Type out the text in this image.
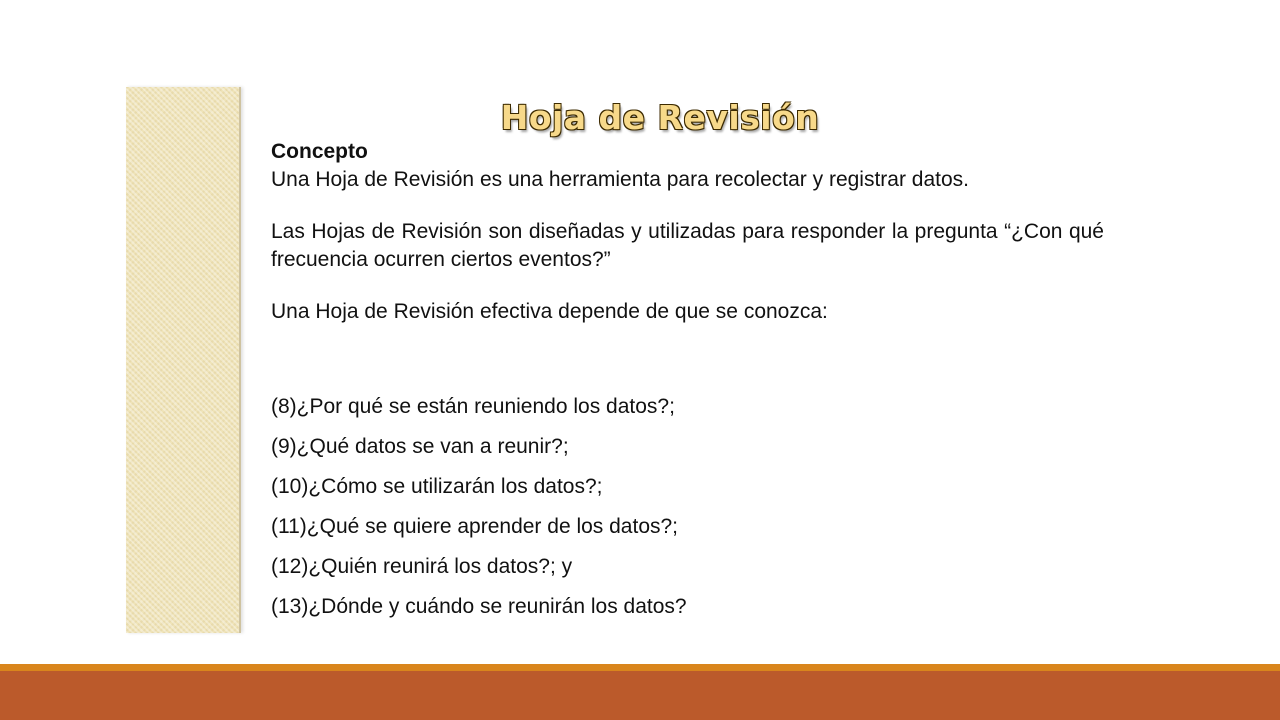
Hoja de Revisión

Concepto

Una Hoja de Revisión es una herramienta para recolectar y registrar datos.

Las Hojas de Revisión son diseñadas y utilizadas para responder la pregunta “¿Con qué frecuencia ocurren ciertos eventos?”

Una Hoja de Revisión efectiva depende de que se conozca:

(8)¿Por qué se están reuniendo los datos?;
(9)¿Qué datos se van a reunir?;
(10)¿Cómo se utilizarán los datos?;
(11)¿Qué se quiere aprender de los datos?;
(12)¿Quién reunirá los datos?; y
(13)¿Dónde y cuándo se reunirán los datos?
